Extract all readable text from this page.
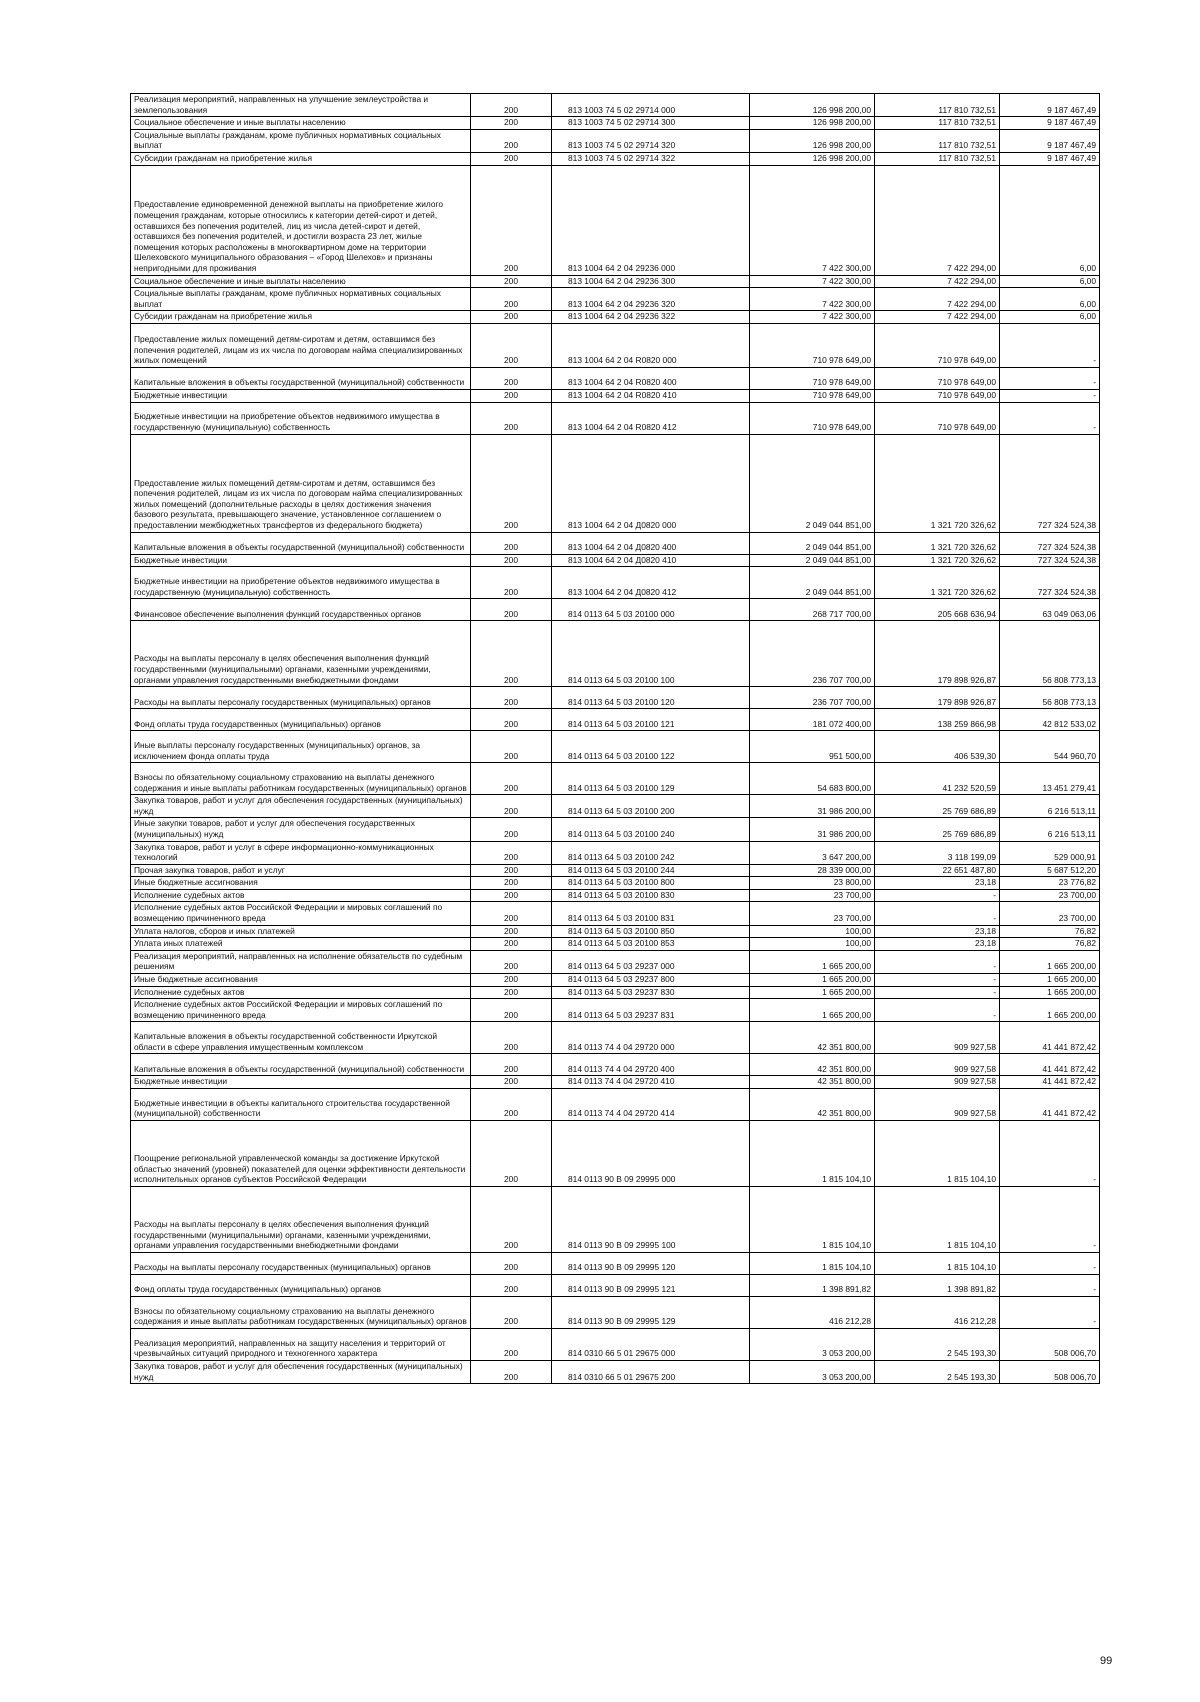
Реализация мероприятий, направленных на улучшение землеустройства и землепользования	200	813 1003 74 5 02 29714 000	126 998 200,00	117 810 732,51	9 187 467,49
Социальное обеспечение и иные выплаты населению	200	813 1003 74 5 02 29714 300	126 998 200,00	117 810 732,51	9 187 467,49
Социальные выплаты гражданам, кроме публичных нормативных социальных выплат	200	813 1003 74 5 02 29714 320	126 998 200,00	117 810 732,51	9 187 467,49
Субсидии гражданам на приобретение жилья	200	813 1003 74 5 02 29714 322	126 998 200,00	117 810 732,51	9 187 467,49
Предоставление единовременной денежной выплаты на приобретение жилого помещения гражданам, которые относились к категории детей-сирот и детей, оставшихся без попечения родителей, лиц из числа детей-сирот и детей, оставшихся без попечения родителей, и достигли возраста 23 лет, жилые помещения которых расположены в многоквартирном доме на территории Шелеховского муниципального образования – «Город Шелехов» и признаны непригодными для проживания	200	813 1004 64 2 04 29236 000	7 422 300,00	7 422 294,00	6,00
Социальное обеспечение и иные выплаты населению	200	813 1004 64 2 04 29236 300	7 422 300,00	7 422 294,00	6,00
Социальные выплаты гражданам, кроме публичных нормативных социальных выплат	200	813 1004 64 2 04 29236 320	7 422 300,00	7 422 294,00	6,00
Субсидии гражданам на приобретение жилья	200	813 1004 64 2 04 29236 322	7 422 300,00	7 422 294,00	6,00
Предоставление жилых помещений детям-сиротам и детям, оставшимся без попечения родителей, лицам из их числа по договорам найма специализированных жилых помещений	200	813 1004 64 2 04 R0820 000	710 978 649,00	710 978 649,00	-
Капитальные вложения в объекты государственной (муниципальной) собственности	200	813 1004 64 2 04 R0820 400	710 978 649,00	710 978 649,00	-
Бюджетные инвестиции	200	813 1004 64 2 04 R0820 410	710 978 649,00	710 978 649,00	-
Бюджетные инвестиции на приобретение объектов недвижимого имущества в государственную (муниципальную) собственность	200	813 1004 64 2 04 R0820 412	710 978 649,00	710 978 649,00	-
Предоставление жилых помещений детям-сиротам и детям, оставшимся без попечения родителей, лицам из их числа по договорам найма специализированных жилых помещений (дополнительные расходы в целях достижения значения базового результата, превышающего значение, установленное соглашением о предоставлении межбюджетных трансфертов из федерального бюджета)	200	813 1004 64 2 04 Д0820 000	2 049 044 851,00	1 321 720 326,62	727 324 524,38
Капитальные вложения в объекты государственной (муниципальной) собственности	200	813 1004 64 2 04 Д0820 400	2 049 044 851,00	1 321 720 326,62	727 324 524,38
Бюджетные инвестиции	200	813 1004 64 2 04 Д0820 410	2 049 044 851,00	1 321 720 326,62	727 324 524,38
Бюджетные инвестиции на приобретение объектов недвижимого имущества в государственную (муниципальную) собственность	200	813 1004 64 2 04 Д0820 412	2 049 044 851,00	1 321 720 326,62	727 324 524,38
Финансовое обеспечение выполнения функций государственных органов	200	814 0113 64 5 03 20100 000	268 717 700,00	205 668 636,94	63 049 063,06
Расходы на выплаты персоналу в целях обеспечения выполнения функций государственными (муниципальными) органами, казенными учреждениями, органами управления государственными внебюджетными фондами	200	814 0113 64 5 03 20100 100	236 707 700,00	179 898 926,87	56 808 773,13
Расходы на выплаты персоналу государственных (муниципальных) органов	200	814 0113 64 5 03 20100 120	236 707 700,00	179 898 926,87	56 808 773,13
Фонд оплаты труда государственных (муниципальных) органов	200	814 0113 64 5 03 20100 121	181 072 400,00	138 259 866,98	42 812 533,02
Иные выплаты персоналу государственных (муниципальных) органов, за исключением фонда оплаты труда	200	814 0113 64 5 03 20100 122	951 500,00	406 539,30	544 960,70
Взносы по обязательному социальному страхованию на выплаты денежного содержания и иные выплаты работникам государственных (муниципальных) органов	200	814 0113 64 5 03 20100 129	54 683 800,00	41 232 520,59	13 451 279,41
Закупка товаров, работ и услуг для обеспечения государственных (муниципальных) нужд	200	814 0113 64 5 03 20100 200	31 986 200,00	25 769 686,89	6 216 513,11
Иные закупки товаров, работ и услуг для обеспечения государственных (муниципальных) нужд	200	814 0113 64 5 03 20100 240	31 986 200,00	25 769 686,89	6 216 513,11
Закупка товаров, работ и услуг в сфере информационно-коммуникационных технологий	200	814 0113 64 5 03 20100 242	3 647 200,00	3 118 199,09	529 000,91
Прочая закупка товаров, работ и услуг	200	814 0113 64 5 03 20100 244	28 339 000,00	22 651 487,80	5 687 512,20
Иные бюджетные ассигнования	200	814 0113 64 5 03 20100 800	23 800,00	23,18	23 776,82
Исполнение судебных актов	200	814 0113 64 5 03 20100 830	23 700,00	-	23 700,00
Исполнение судебных актов Российской Федерации и мировых соглашений по возмещению причиненного вреда	200	814 0113 64 5 03 20100 831	23 700,00	-	23 700,00
Уплата налогов, сборов и иных платежей	200	814 0113 64 5 03 20100 850	100,00	23,18	76,82
Уплата иных платежей	200	814 0113 64 5 03 20100 853	100,00	23,18	76,82
Реализация мероприятий, направленных на исполнение обязательств по судебным решениям	200	814 0113 64 5 03 29237 000	1 665 200,00	-	1 665 200,00
Иные бюджетные ассигнования	200	814 0113 64 5 03 29237 800	1 665 200,00	-	1 665 200,00
Исполнение судебных актов	200	814 0113 64 5 03 29237 830	1 665 200,00	-	1 665 200,00
Исполнение судебных актов Российской Федерации и мировых соглашений по возмещению причиненного вреда	200	814 0113 64 5 03 29237 831	1 665 200,00	-	1 665 200,00
Капитальные вложения в объекты государственной собственности Иркутской области в сфере управления имущественным комплексом	200	814 0113 74 4 04 29720 000	42 351 800,00	909 927,58	41 441 872,42
Капитальные вложения в объекты государственной (муниципальной) собственности	200	814 0113 74 4 04 29720 400	42 351 800,00	909 927,58	41 441 872,42
Бюджетные инвестиции	200	814 0113 74 4 04 29720 410	42 351 800,00	909 927,58	41 441 872,42
Бюджетные инвестиции в объекты капитального строительства государственной (муниципальной) собственности	200	814 0113 74 4 04 29720 414	42 351 800,00	909 927,58	41 441 872,42
Поощрение региональной управленческой команды за достижение Иркутской областью значений (уровней) показателей для оценки эффективности деятельности исполнительных органов субъектов Российской Федерации	200	814 0113 90 В 09 29995 000	1 815 104,10	1 815 104,10	-
Расходы на выплаты персоналу в целях обеспечения выполнения функций государственными (муниципальными) органами, казенными учреждениями, органами управления государственными внебюджетными фондами	200	814 0113 90 В 09 29995 100	1 815 104,10	1 815 104,10	-
Расходы на выплаты персоналу государственных (муниципальных) органов	200	814 0113 90 В 09 29995 120	1 815 104,10	1 815 104,10	-
Фонд оплаты труда государственных (муниципальных) органов	200	814 0113 90 В 09 29995 121	1 398 891,82	1 398 891,82	-
Взносы по обязательному социальному страхованию на выплаты денежного содержания и иные выплаты работникам государственных (муниципальных) органов	200	814 0113 90 В 09 29995 129	416 212,28	416 212,28	-
Реализация мероприятий, направленных на защиту населения и территорий от чрезвычайных ситуаций природного и техногенного характера	200	814 0310 66 5 01 29675 000	3 053 200,00	2 545 193,30	508 006,70
Закупка товаров, работ и услуг для обеспечения государственных (муниципальных) нужд	200	814 0310 66 5 01 29675 200	3 053 200,00	2 545 193,30	508 006,70
99
